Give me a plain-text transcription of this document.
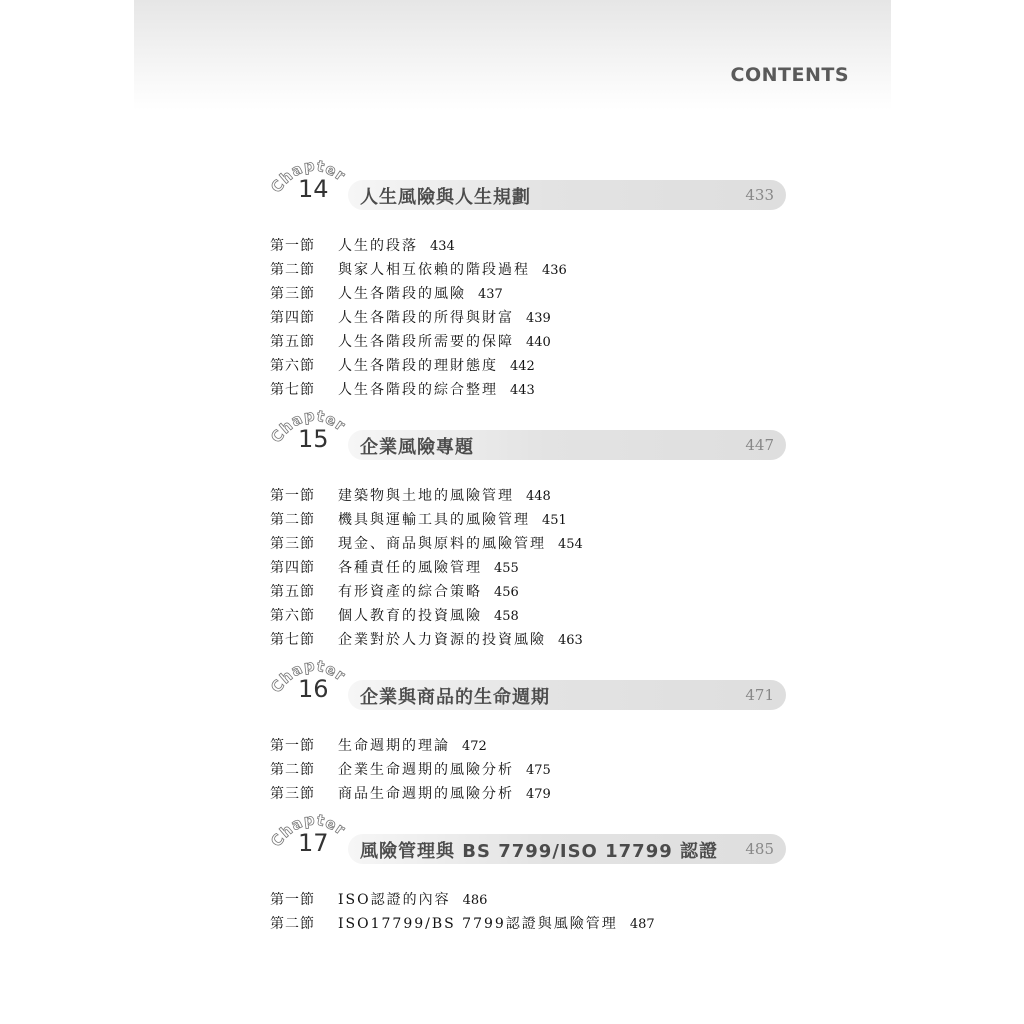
CONTENTS
Chapter
14 人生風險與人生規劃	433
第一節 人生的段落 434
第二節 與家人相互依賴的階段過程 436
第三節 人生各階段的風險 437
第四節 人生各階段的所得與財富 439
第五節 人生各階段所需要的保障 440
第六節 人生各階段的理財態度 442
第七節 人生各階段的綜合整理 443
Chapter
15 企業風險專題	447
第一節 建築物與土地的風險管理 448
第二節 機具與運輸工具的風險管理 451
第三節 現金、商品與原料的風險管理 454
第四節 各種責任的風險管理 455
第五節 有形資產的綜合策略 456
第六節 個人教育的投資風險 458
第七節 企業對於人力資源的投資風險 463
Chapter
16 企業與商品的生命週期	471
第一節 生命週期的理論 472
第二節 企業生命週期的風險分析 475
第三節 商品生命週期的風險分析 479
Chapter
17 風險管理與 BS 7799/ISO 17799 認證 485
第一節 ISO認證的內容 486
第二節 ISO17799/BS 7799認證與風險管理 487
